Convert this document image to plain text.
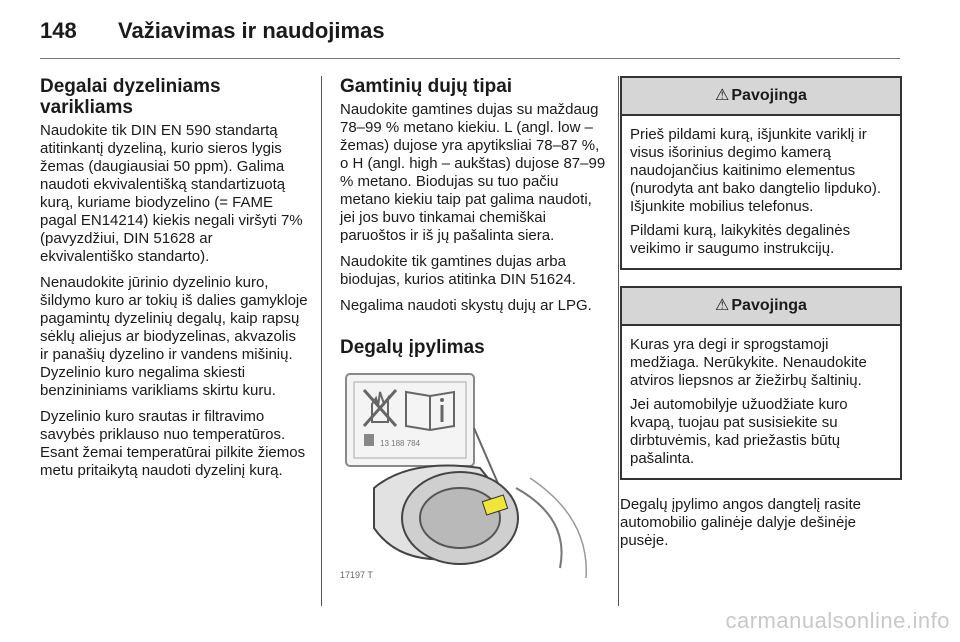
148 Važiavimas ir naudojimas
Degalai dyzeliniams varikliams

Naudokite tik DIN EN 590 standartą atitinkantį dyzeliną, kurio sieros lygis žemas (daugiausiai 50 ppm). Galima naudoti ekvivalentišką standartizuotą kurą, kuriame biodyzelino (= FAME pagal EN14214) kiekis negali viršyti 7% (pavyzdžiui, DIN 51628 ar ekvivalentiško standarto).

Nenaudokite jūrinio dyzelinio kuro, šildymo kuro ar tokių iš dalies gamykloje pagamintų dyzelinių degalų, kaip rapsų sėklų aliejus ar biodyzelinas, akvazolis ir panašių dyzelino ir vandens mišinių. Dyzelinio kuro negalima skiesti benzininiams varikliams skirtu kuru.

Dyzelinio kuro srautas ir filtravimo savybės priklauso nuo temperatūros. Esant žemai temperatūrai pilkite žiemos metu pritaikytą naudoti dyzelinį kurą.

Gamtinių dujų tipai

Naudokite gamtines dujas su maždaug 78–99 % metano kiekiu. L (angl. low – žemas) dujose yra apytiksliai 78–87 %, o H (angl. high – aukštas) dujose 87–99 % metano. Biodujas su tuo pačiu metano kiekiu taip pat galima naudoti, jei jos buvo tinkamai chemiškai paruoštos ir iš jų pašalinta siera.

Naudokite tik gamtines dujas arba biodujas, kurios atitinka DIN 51624.

Negalima naudoti skystų dujų ar LPG.

Degalų įpylimas
13 188 784
17197 T
⚠ Pavojinga

Prieš pildami kurą, išjunkite variklį ir visus išorinius degimo kamerą naudojančius kaitinimo elementus (nurodyta ant bako dangtelio lipduko). Išjunkite mobilius telefonus.

Pildami kurą, laikykitės degalinės veikimo ir saugumo instrukcijų.

⚠ Pavojinga

Kuras yra degi ir sprogstamoji medžiaga. Nerūkykite. Nenaudokite atviros liepsnos ar žiežirbų šaltinių.

Jei automobilyje užuodžiate kuro kvapą, tuojau pat susisiekite su dirbtuvėmis, kad priežastis būtų pašalinta.

Degalų įpylimo angos dangtelį rasite automobilio galinėje dalyje dešinėje pusėje.

carmanualsonline.info
